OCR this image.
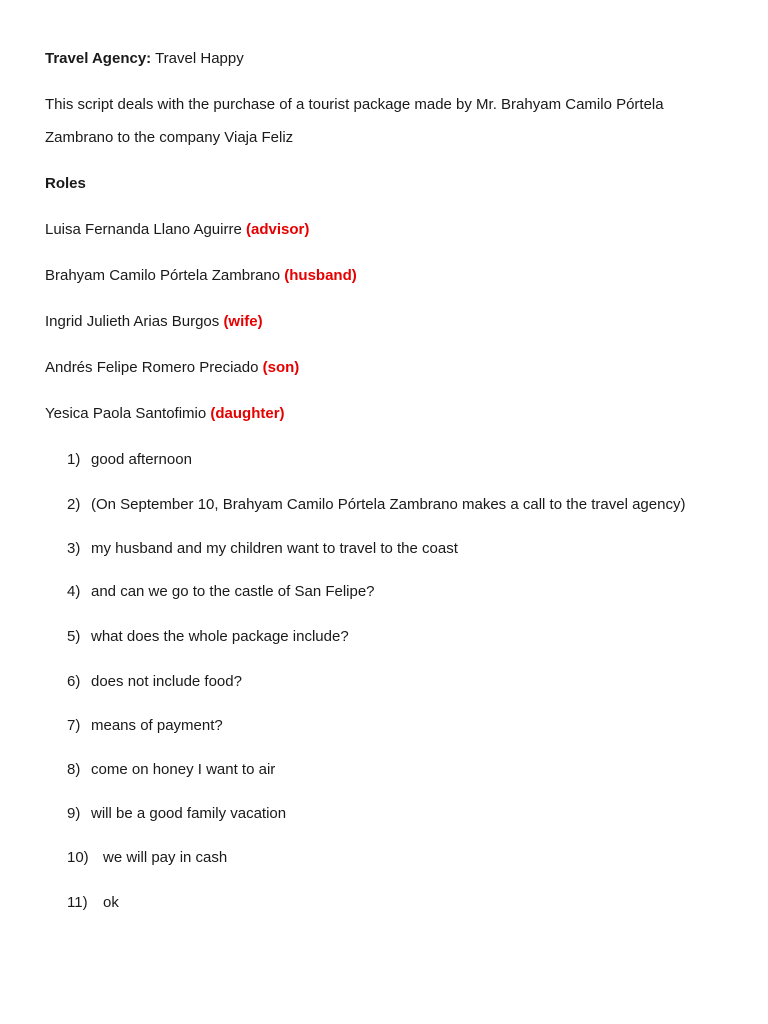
Travel Agency: Travel Happy
This script deals with the purchase of a tourist package made by Mr. Brahyam Camilo Pórtela
Zambrano to the company Viaja Feliz
Roles
Luisa Fernanda Llano Aguirre (advisor)
Brahyam Camilo Pórtela Zambrano (husband)
Ingrid Julieth Arias Burgos (wife)
Andrés Felipe Romero Preciado (son)
Yesica Paola Santofimio (daughter)
1) good afternoon
2) (On September 10, Brahyam Camilo Pórtela Zambrano makes a call to the travel agency)
3) my husband and my children want to travel to the coast
4) and can we go to the castle of San Felipe?
5) what does the whole package include?
6) does not include food?
7) means of payment?
8) come on honey I want to air
9) will be a good family vacation
10) we will pay in cash
11) ok
